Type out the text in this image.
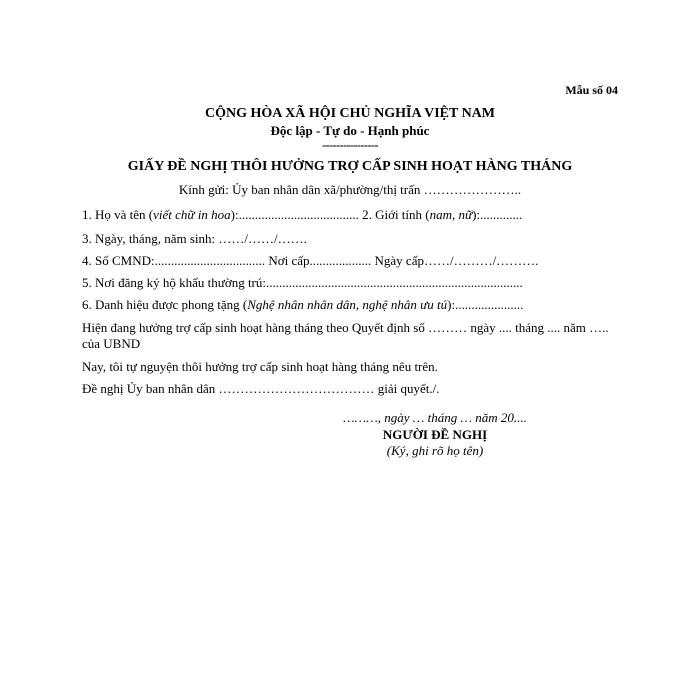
Mẫu số 04
CỘNG HÒA XÃ HỘI CHỦ NGHĨA VIỆT NAM
Độc lập - Tự do - Hạnh phúc
----------------
GIẤY ĐỀ NGHỊ THÔI HƯỞNG TRỢ CẤP SINH HOẠT HÀNG THÁNG
Kính gửi: Ủy ban nhân dân xã/phường/thị trấn …………………..
1. Họ và tên (viết chữ in hoa):..................................... 2. Giới tính (nam, nữ):.............
3. Ngày, tháng, năm sinh: ……/……/…….
4. Số CMND:.................................. Nơi cấp................... Ngày cấp……/………/……….
5. Nơi đăng ký hộ khẩu thường trú:...............................................................................
6. Danh hiệu được phong tặng (Nghệ nhân nhân dân, nghệ nhân ưu tú):.....................
Hiện đang hưởng trợ cấp sinh hoạt hàng tháng theo Quyết định số ……… ngày .... tháng .... năm ….. của UBND
Nay, tôi tự nguyện thôi hưởng trợ cấp sinh hoạt hàng tháng nêu trên.
Đề nghị Ủy ban nhân dân ……………………………… giải quyết./.
………, ngày … tháng … năm 20....
NGƯỜI ĐỀ NGHỊ
(Ký, ghi rõ họ tên)
